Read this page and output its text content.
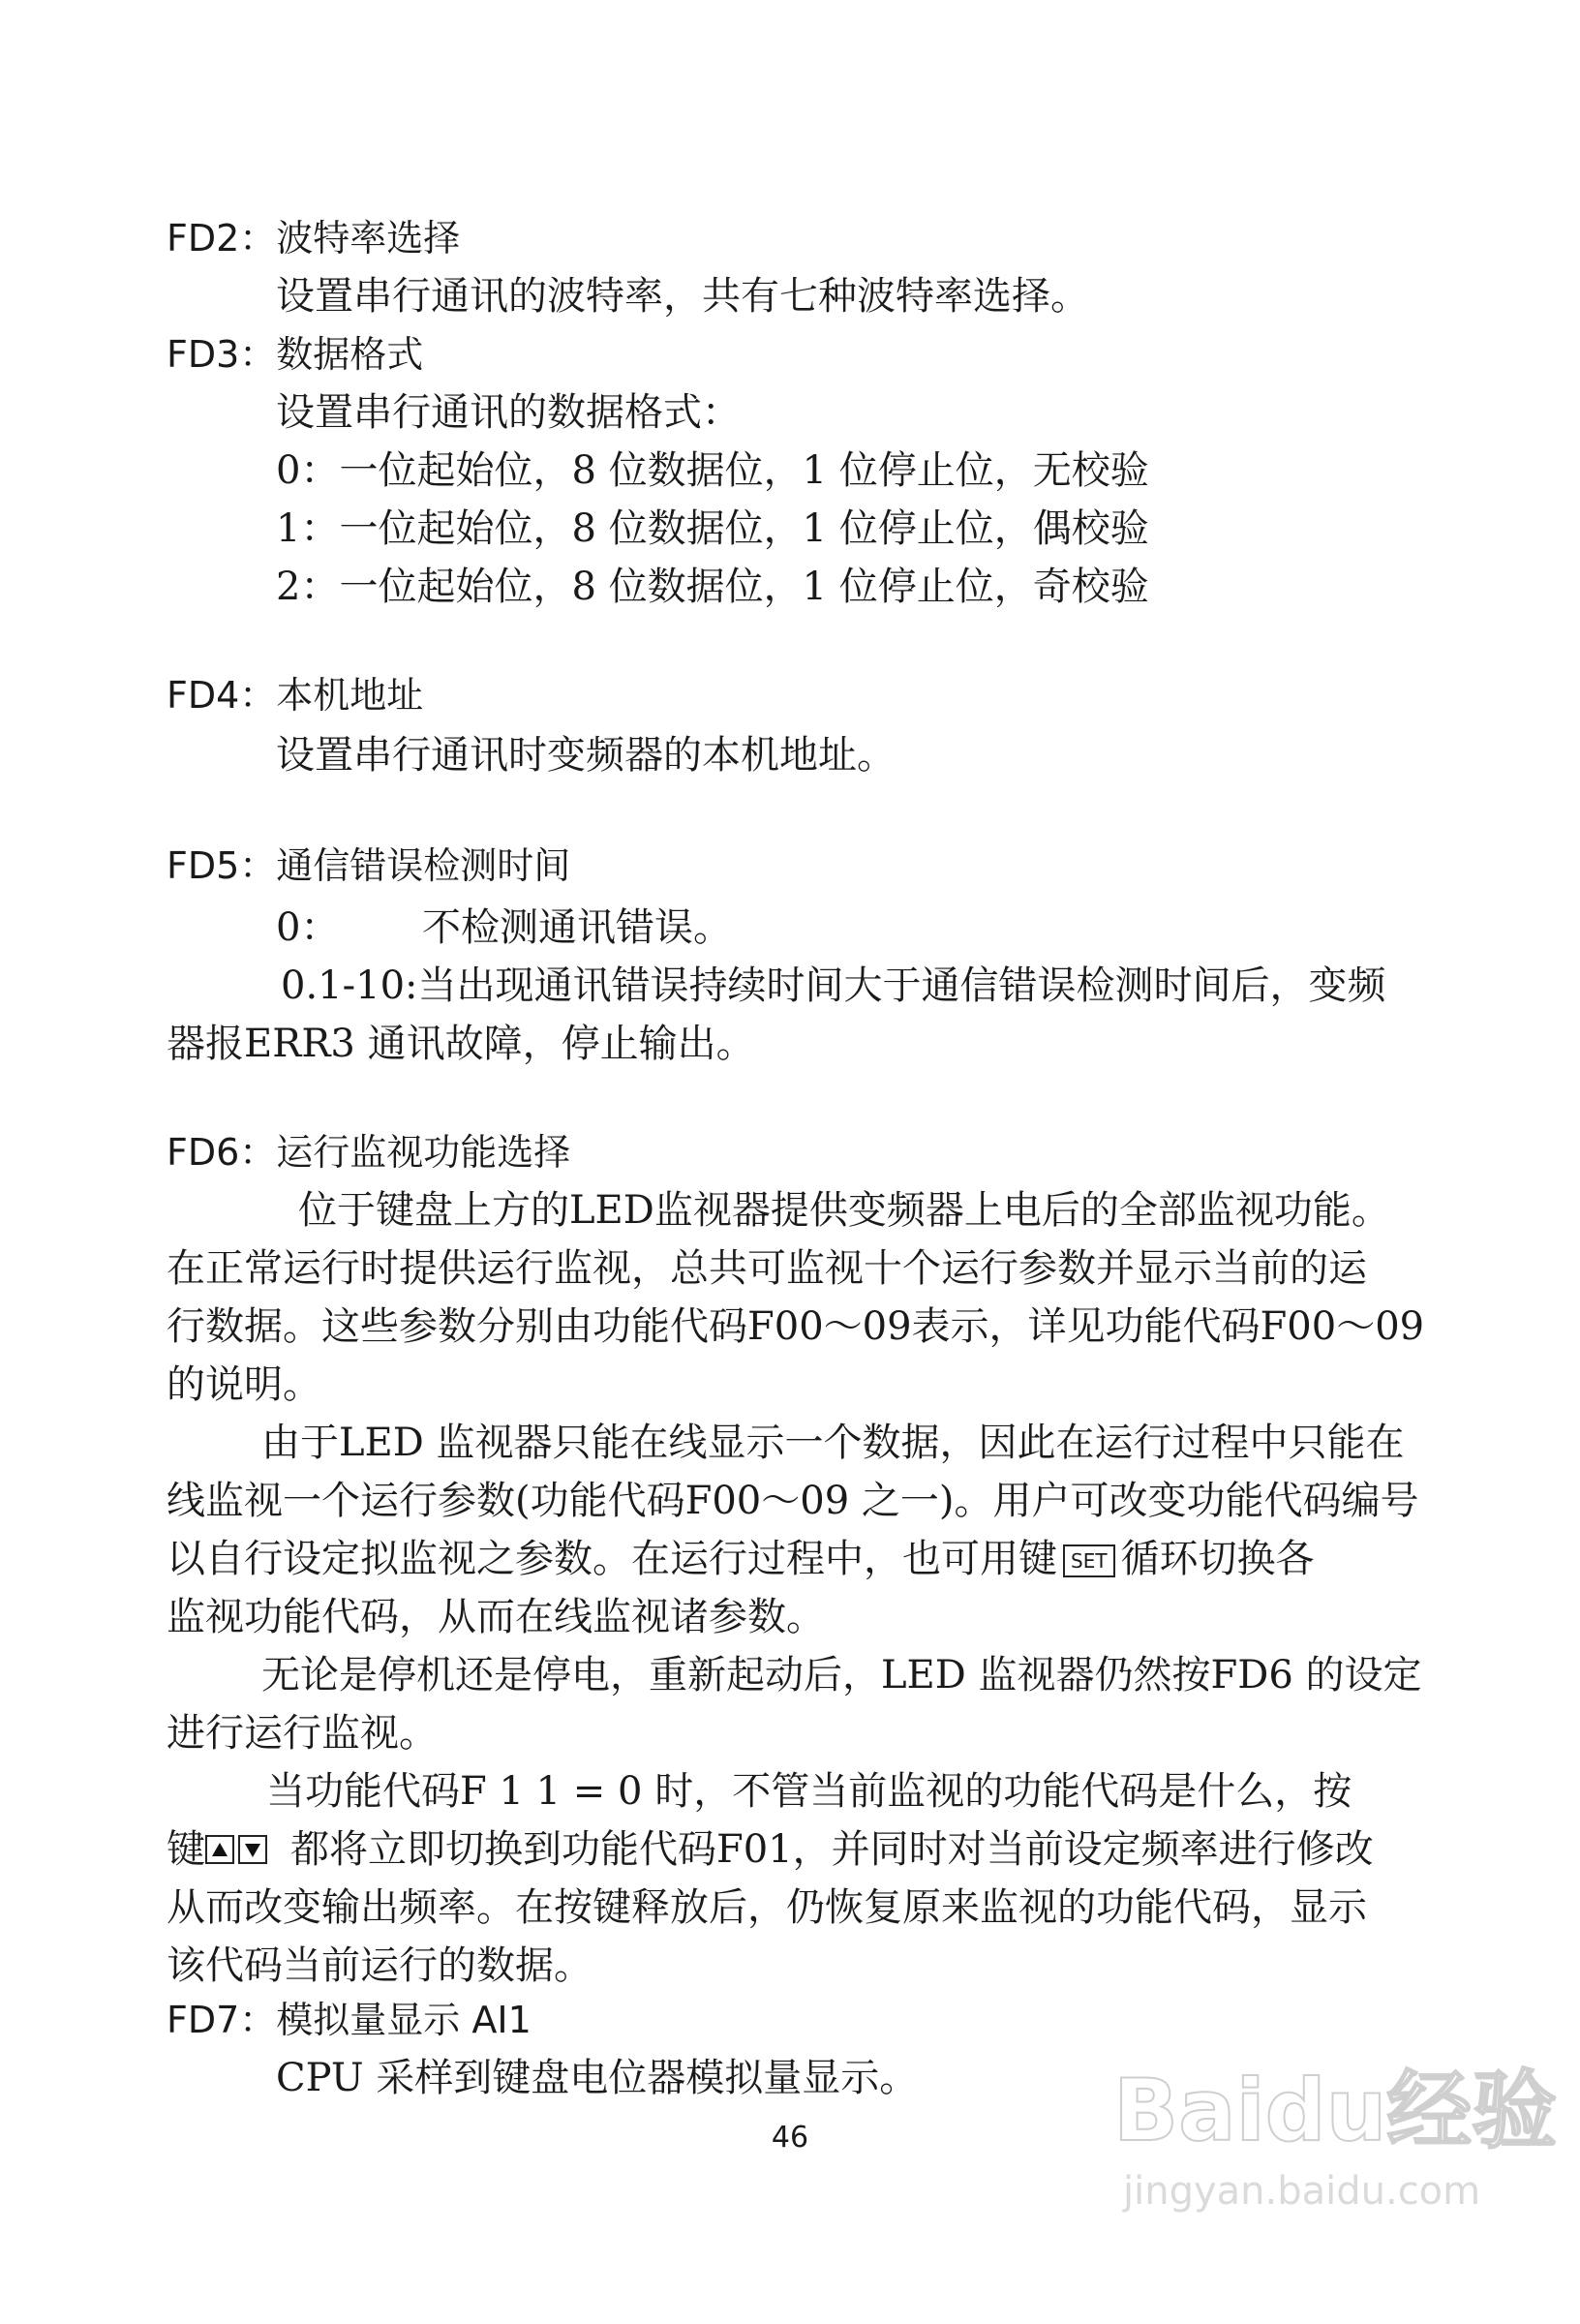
FD2：波特率选择
设置串行通讯的波特率，共有七种波特率选择。
FD3：数据格式
设置串行通讯的数据格式：
0：一位起始位，8 位数据位，1 位停止位，无校验
1：一位起始位，8 位数据位，1 位停止位，偶校验
2：一位起始位，8 位数据位，1 位停止位，奇校验
FD4：本机地址
设置串行通讯时变频器的本机地址。
FD5：通信错误检测时间
0： 不检测通讯错误。
0.1-10:当出现通讯错误持续时间大于通信错误检测时间后，变频
器报ERR3 通讯故障，停止输出。
FD6：运行监视功能选择
位于键盘上方的LED监视器提供变频器上电后的全部监视功能。
在正常运行时提供运行监视，总共可监视十个运行参数并显示当前的运
行数据。这些参数分别由功能代码F00～09表示，详见功能代码F00～09
的说明。
由于LED 监视器只能在线显示一个数据，因此在运行过程中只能在
线监视一个运行参数(功能代码F00～09 之一)。用户可改变功能代码编号
以自行设定拟监视之参数。在运行过程中，也可用键 SET 循环切换各
监视功能代码，从而在线监视诸参数。
无论是停机还是停电，重新起动后，LED 监视器仍然按FD6 的设定
进行运行监视。
当功能代码F 1 1 = 0 时，不管当前监视的功能代码是什么，按
键 都将立即切换到功能代码F01，并同时对当前设定频率进行修改
从而改变输出频率。在按键释放后，仍恢复原来监视的功能代码，显示
该代码当前运行的数据。
FD7：模拟量显示 AI1
CPU 采样到键盘电位器模拟量显示。
46	Baidu经验
jingyan.baidu.com
